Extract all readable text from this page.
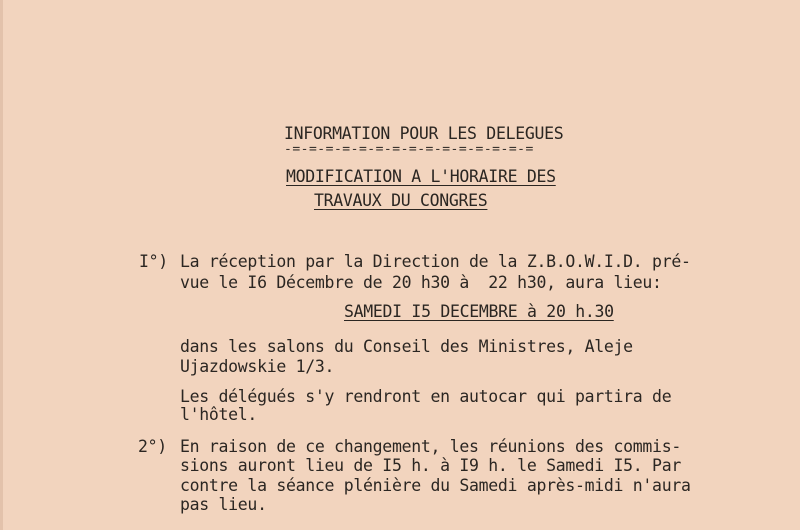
INFORMATION POUR LES DELEGUES
-=-=-=-=-=-=-=-=-=-=-=-=-=-=-=
MODIFICATION A L'HORAIRE DES
TRAVAUX DU CONGRES
I°) La réception par la Direction de la Z.B.O.W.I.D. pré-
vue le I6 Décembre de 20 h30 à  22 h30, aura lieu:
SAMEDI I5 DECEMBRE à 20 h.30
dans les salons du Conseil des Ministres, Aleje
Ujazdowskie 1/3.
Les délégués s'y rendront en autocar qui partira de
l'hôtel.
2°) En raison de ce changement, les réunions des commis-
sions auront lieu de I5 h. à I9 h. le Samedi I5. Par
contre la séance plénière du Samedi après-midi n'aura
pas lieu.
